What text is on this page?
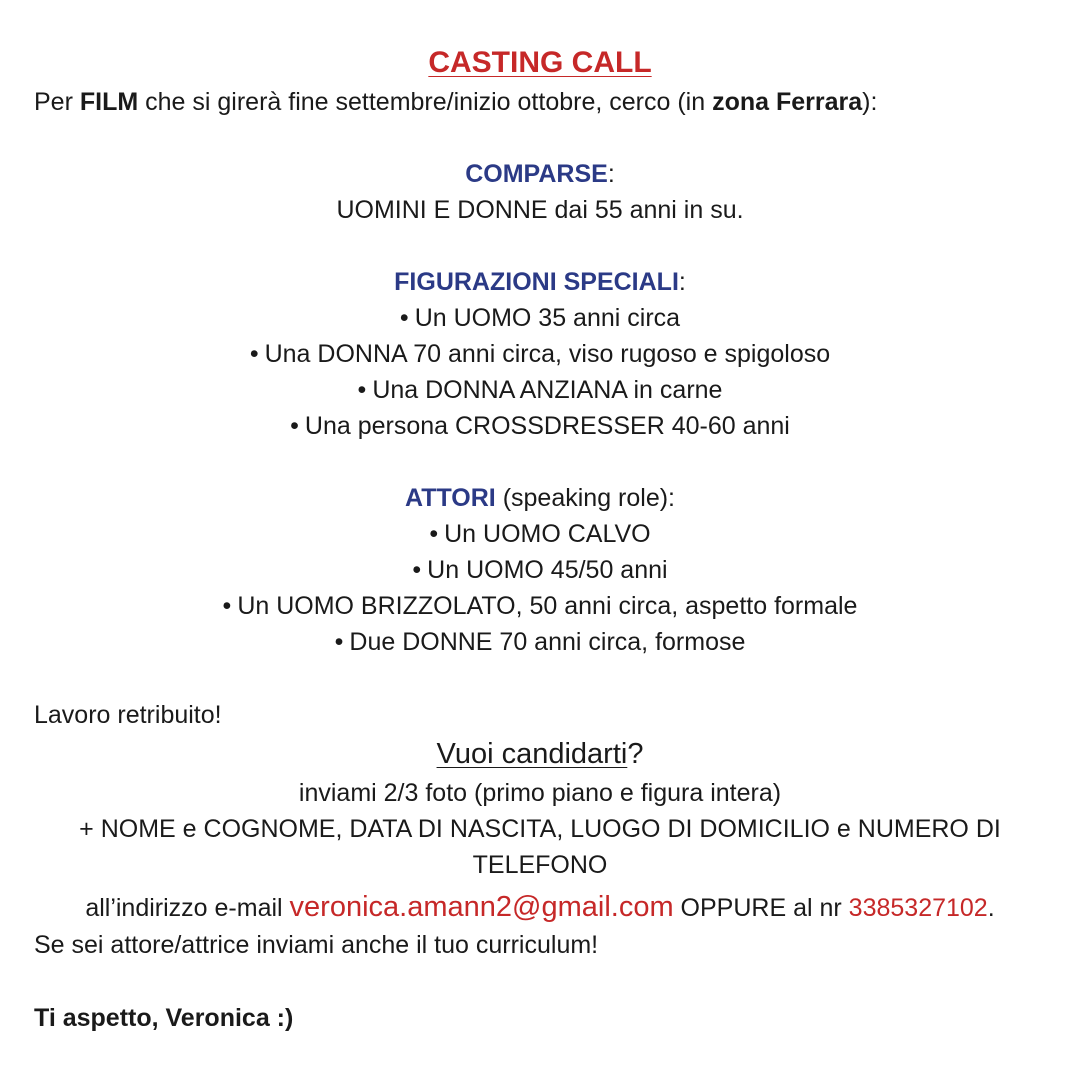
CASTING CALL
Per FILM che si girerà fine settembre/inizio ottobre, cerco (in zona Ferrara):
COMPARSE:
UOMINI E DONNE dai 55 anni in su.
FIGURAZIONI SPECIALI:
• Un UOMO 35 anni circa
• Una DONNA 70 anni circa, viso rugoso e spigoloso
• Una DONNA ANZIANA in carne
• Una persona CROSSDRESSER 40-60 anni
ATTORI (speaking role):
• Un UOMO CALVO
• Un UOMO 45/50 anni
• Un UOMO BRIZZOLATO, 50 anni circa, aspetto formale
• Due DONNE 70 anni circa, formose
Lavoro retribuito!
Vuoi candidarti?
inviami 2/3 foto (primo piano e figura intera)
+ NOME e COGNOME, DATA DI NASCITA, LUOGO DI DOMICILIO e NUMERO DI
TELEFONO
all’indirizzo e-mail veronica.amann2@gmail.com OPPURE al nr 3385327102.
Se sei attore/attrice inviami anche il tuo curriculum!
Ti aspetto, Veronica :)
